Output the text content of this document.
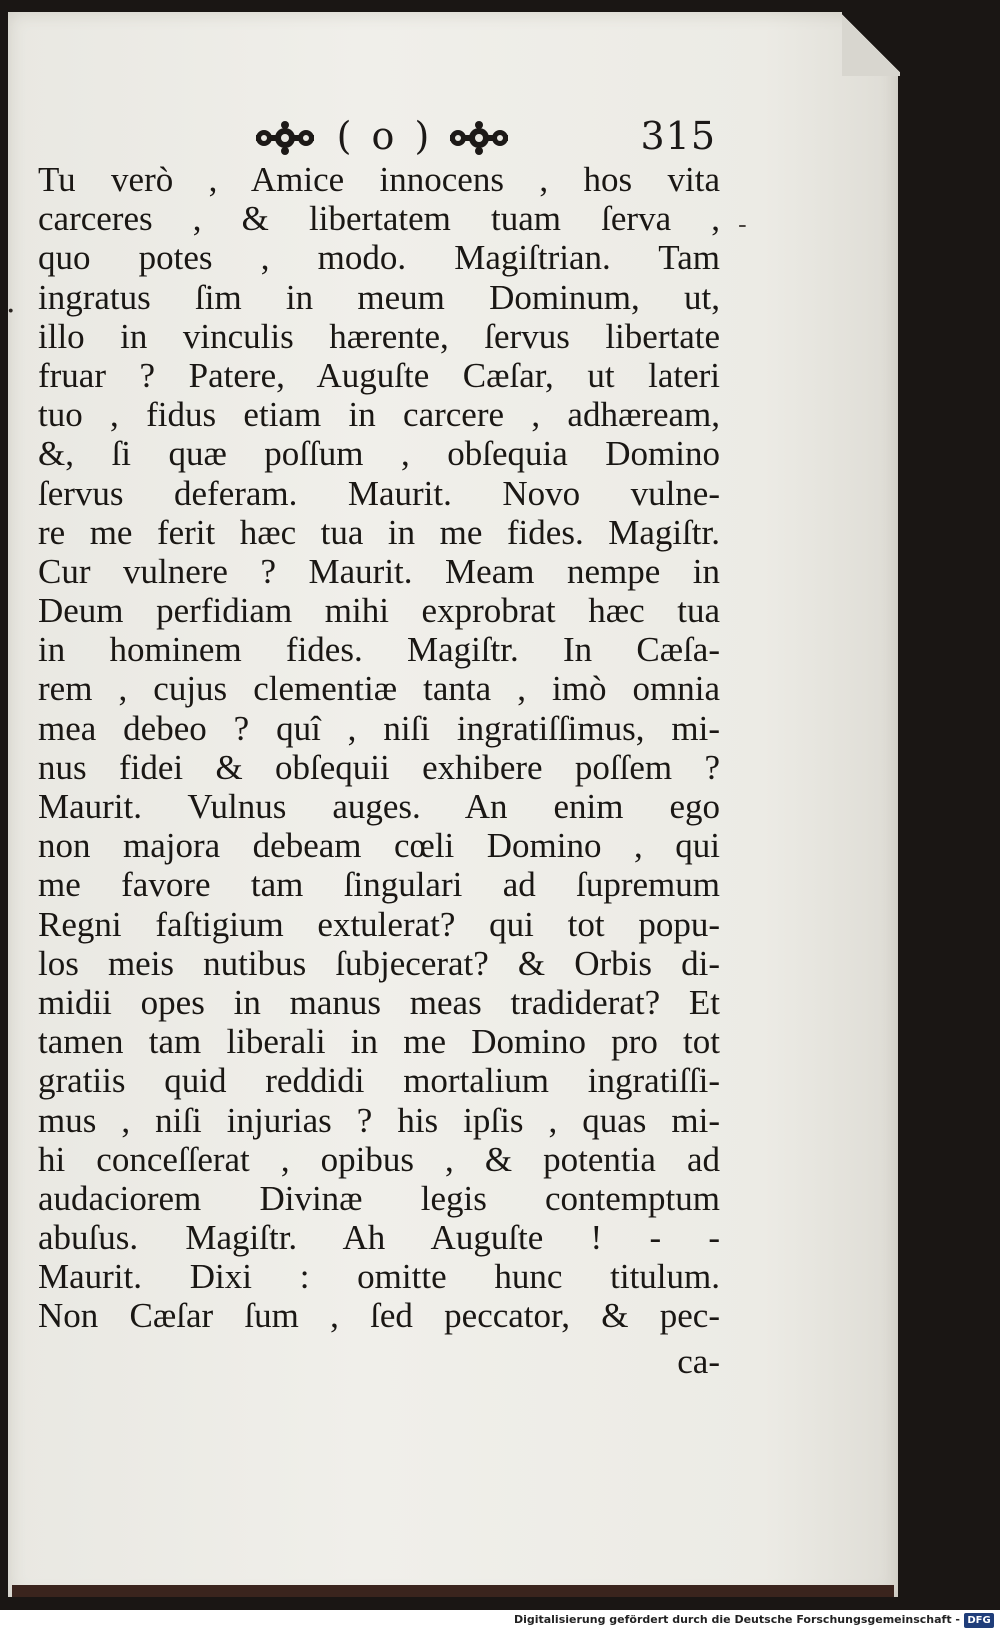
( o )	315
·
-
Tu verò , Amice innocens , hos vita
carceres , & libertatem tuam ſerva ,
quo potes , modo. Magiſtrian. Tam
ingratus ſim in meum Dominum, ut,
illo in vinculis hærente, ſervus libertate
fruar ? Patere, Auguſte Cæſar, ut lateri
tuo , fidus etiam in carcere , adhæream,
&, ſi quæ poſſum , obſequia Domino
ſervus deferam. Maurit. Novo vulne-
re me ferit hæc tua in me fides. Magiſtr.
Cur vulnere ? Maurit. Meam nempe in
Deum perfidiam mihi exprobrat hæc tua
in hominem fides. Magiſtr. In Cæſa-
rem , cujus clementiæ tanta , imò omnia
mea debeo ? quî , niſi ingratiſſimus, mi-
nus fidei & obſequii exhibere poſſem ?
Maurit. Vulnus auges. An enim ego
non majora debeam cœli Domino , qui
me favore tam ſingulari ad ſupremum
Regni faſtigium extulerat? qui tot popu-
los meis nutibus ſubjecerat? & Orbis di-
midii opes in manus meas tradiderat? Et
tamen tam liberali in me Domino pro tot
gratiis quid reddidi mortalium ingratiſſi-
mus , niſi injurias ? his ipſis , quas mi-
hi conceſſerat , opibus , & potentia ad
audaciorem Divinæ legis contemptum
abuſus. Magiſtr. Ah Auguſte ! - -
Maurit. Dixi : omitte hunc titulum.
Non Cæſar ſum , ſed peccator, & pec-
ca-
Digitalisierung gefördert durch die Deutsche Forschungsgemeinschaft - DFG
